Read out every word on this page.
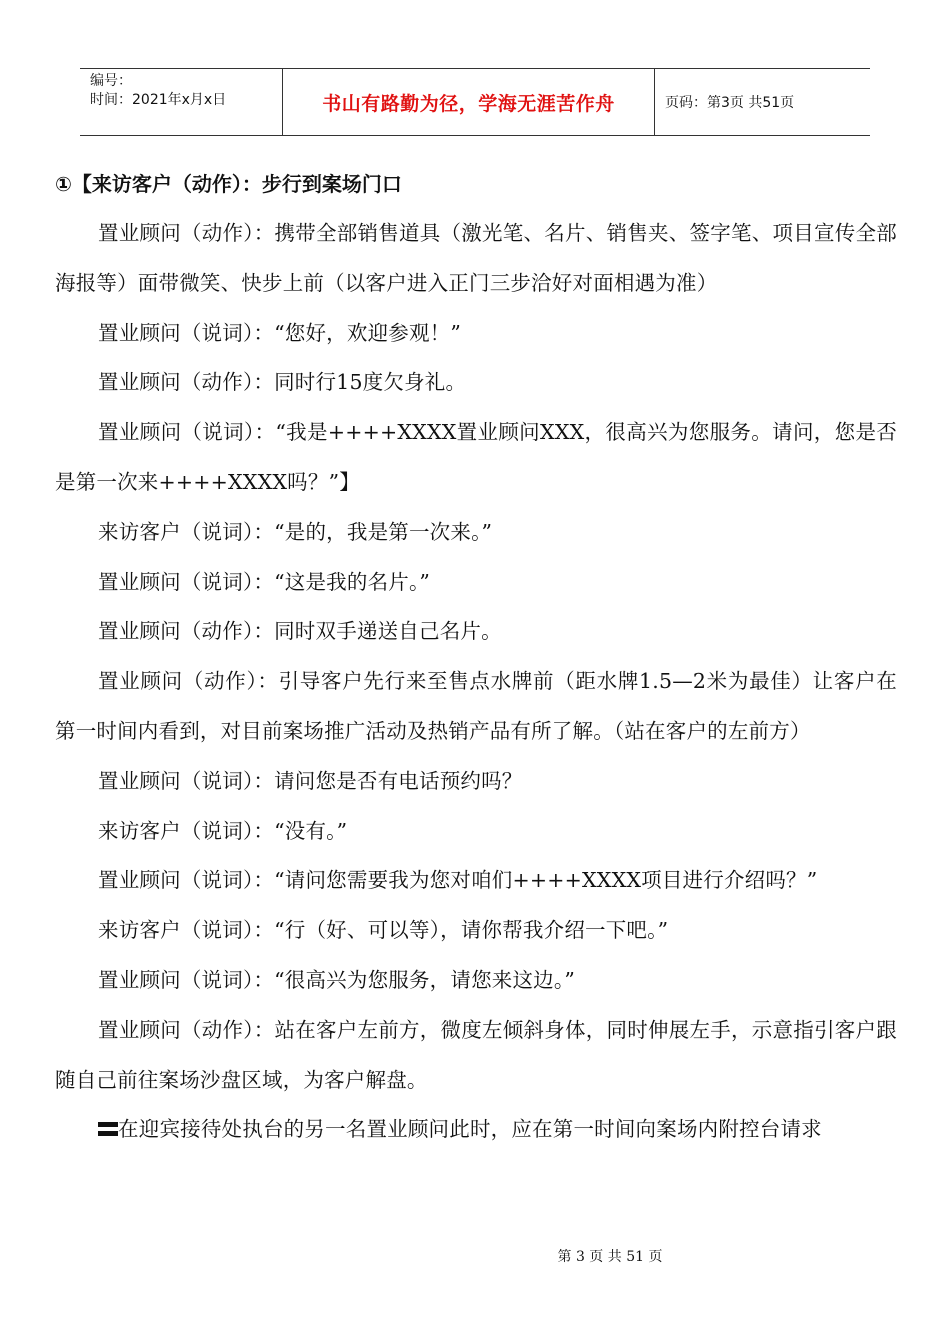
编号：
时间：2021年x月x日	书山有路勤为径，学海无涯苦作舟	页码：第3页 共51页

①【来访客户（动作）：步行到案场门口

置业顾问（动作）：携带全部销售道具（激光笔、名片、销售夹、签字笔、项目宣传全部海报等）面带微笑、快步上前（以客户进入正门三步洽好对面相遇为准）

置业顾问（说词）：“您好，欢迎参观！”

置业顾问（动作）：同时行15度欠身礼。

置业顾问（说词）：“我是++++XXXX置业顾问XXX，很高兴为您服务。请问，您是否是第一次来++++XXXX吗？”】

来访客户（说词）：“是的，我是第一次来。”

置业顾问（说词）：“这是我的名片。”

置业顾问（动作）：同时双手递送自己名片。

置业顾问（动作）：引导客户先行来至售点水牌前（距水牌1.5—2米为最佳）让客户在第一时间内看到，对目前案场推广活动及热销产品有所了解。（站在客户的左前方）

置业顾问（说词）：请问您是否有电话预约吗？

来访客户（说词）：“没有。”

置业顾问（说词）：“请问您需要我为您对咱们++++XXXX项目进行介绍吗？”

来访客户（说词）：“行（好、可以等），请你帮我介绍一下吧。”

置业顾问（说词）：“很高兴为您服务，请您来这边。”

置业顾问（动作）：站在客户左前方，微度左倾斜身体，同时伸展左手，示意指引客户跟随自己前往案场沙盘区域，为客户解盘。

在迎宾接待处执台的另一名置业顾问此时，应在第一时间向案场内附控台请求

第 3 页 共 51 页
